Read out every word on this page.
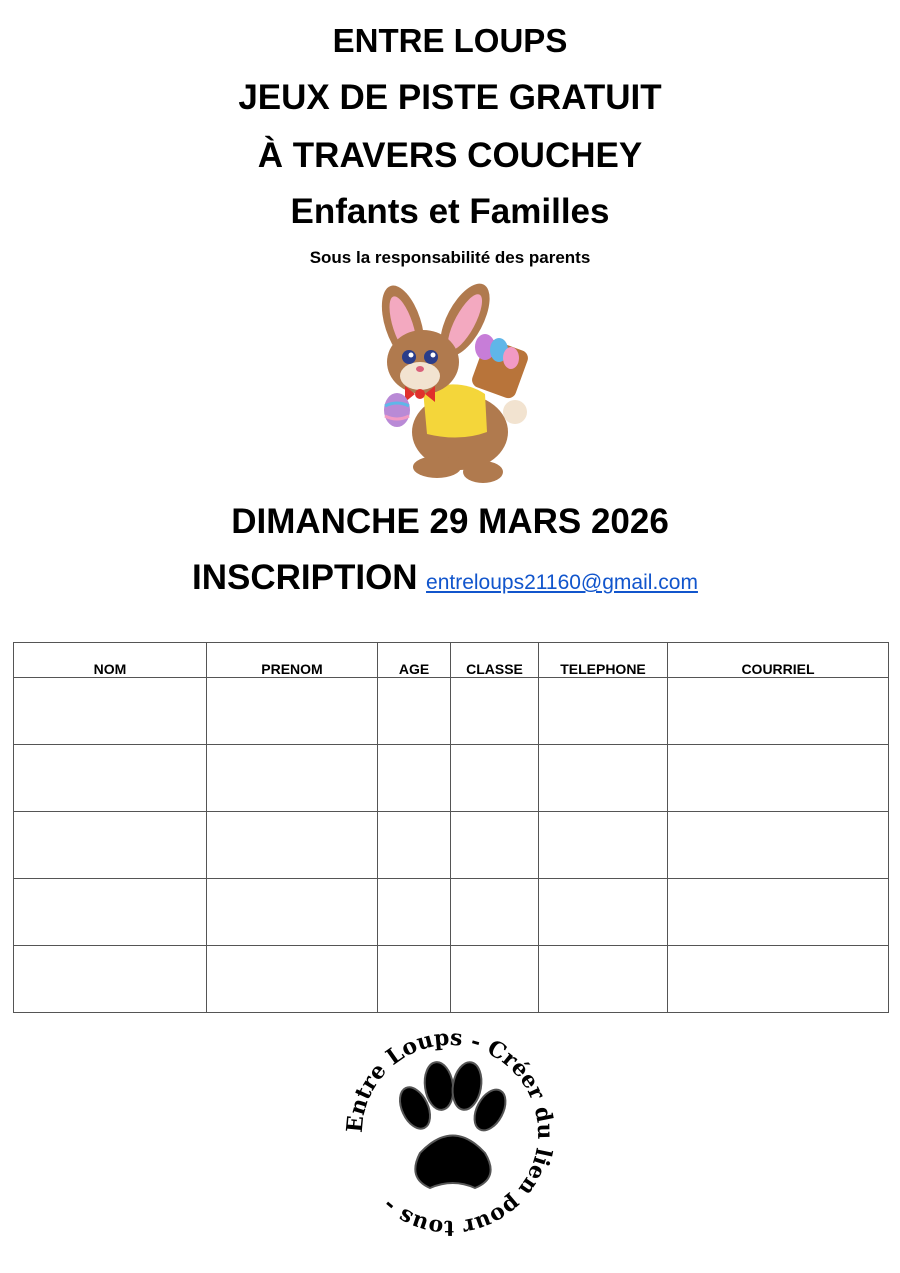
ENTRE LOUPS
JEUX DE PISTE GRATUIT
À TRAVERS COUCHEY
Enfants et Familles
Sous la responsabilité des parents
DIMANCHE 29 MARS 2026
INSCRIPTION entreloups21160@gmail.com
NOM	PRENOM	AGE	CLASSE	TELEPHONE	COURRIEL

Entre Loups - Créer du lien pour tous -
